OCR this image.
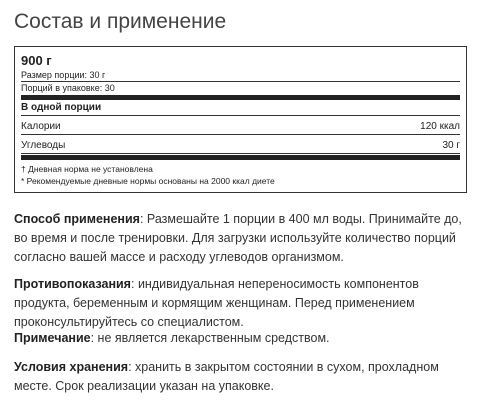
Состав и применение
900 г
Размер порции: 30 г
Порций в упаковке: 30
В одной порции
Калории	120 ккал
Углеводы	30 г
† Дневная норма не установлена
* Рекомендуемые дневные нормы основаны на 2000 ккал диете

Способ применения: Размешайте 1 порции в 400 мл воды. Принимайте до, во время и после тренировки. Для загрузки используйте количество порций согласно вашей массе и расходу углеводов организмом.

Противопоказания: индивидуальная непереносимость компонентов продукта, беременным и кормящим женщинам. Перед применением проконсультируйтесь со специалистом.

Примечание: не является лекарственным средством.

Условия хранения: хранить в закрытом состоянии в сухом, прохладном месте. Срок реализации указан на упаковке.
